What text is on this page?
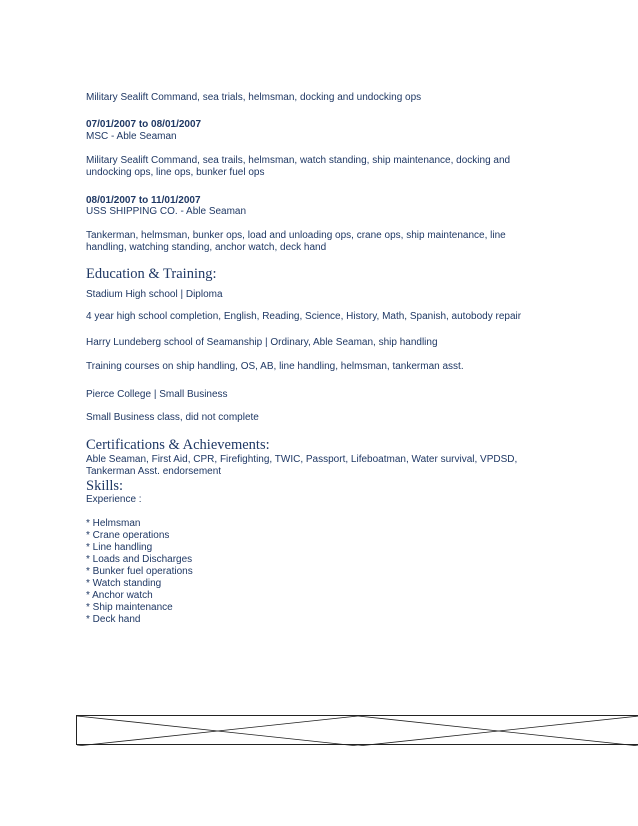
Military Sealift Command, sea trials, helmsman, docking and undocking ops
07/01/2007 to 08/01/2007
MSC - Able Seaman
Military Sealift Command, sea trails, helmsman, watch standing, ship maintenance, docking and
undocking ops, line ops, bunker fuel ops
08/01/2007 to 11/01/2007
USS SHIPPING CO. - Able Seaman
Tankerman, helmsman, bunker ops, load and unloading ops, crane ops, ship maintenance, line
handling, watching standing, anchor watch, deck hand
Education & Training:
Stadium High school | Diploma
4 year high school completion, English, Reading, Science, History, Math, Spanish, autobody repair
Harry Lundeberg school of Seamanship | Ordinary, Able Seaman, ship handling
Training courses on ship handling, OS, AB, line handling, helmsman, tankerman asst.
Pierce College | Small Business
Small Business class, did not complete
Certifications & Achievements:
Able Seaman, First Aid, CPR, Firefighting, TWIC, Passport, Lifeboatman, Water survival, VPDSD,
Tankerman Asst. endorsement
Skills:
Experience :
* Helmsman
* Crane operations
* Line handling
* Loads and Discharges
* Bunker fuel operations
* Watch standing
* Anchor watch
* Ship maintenance
* Deck hand
